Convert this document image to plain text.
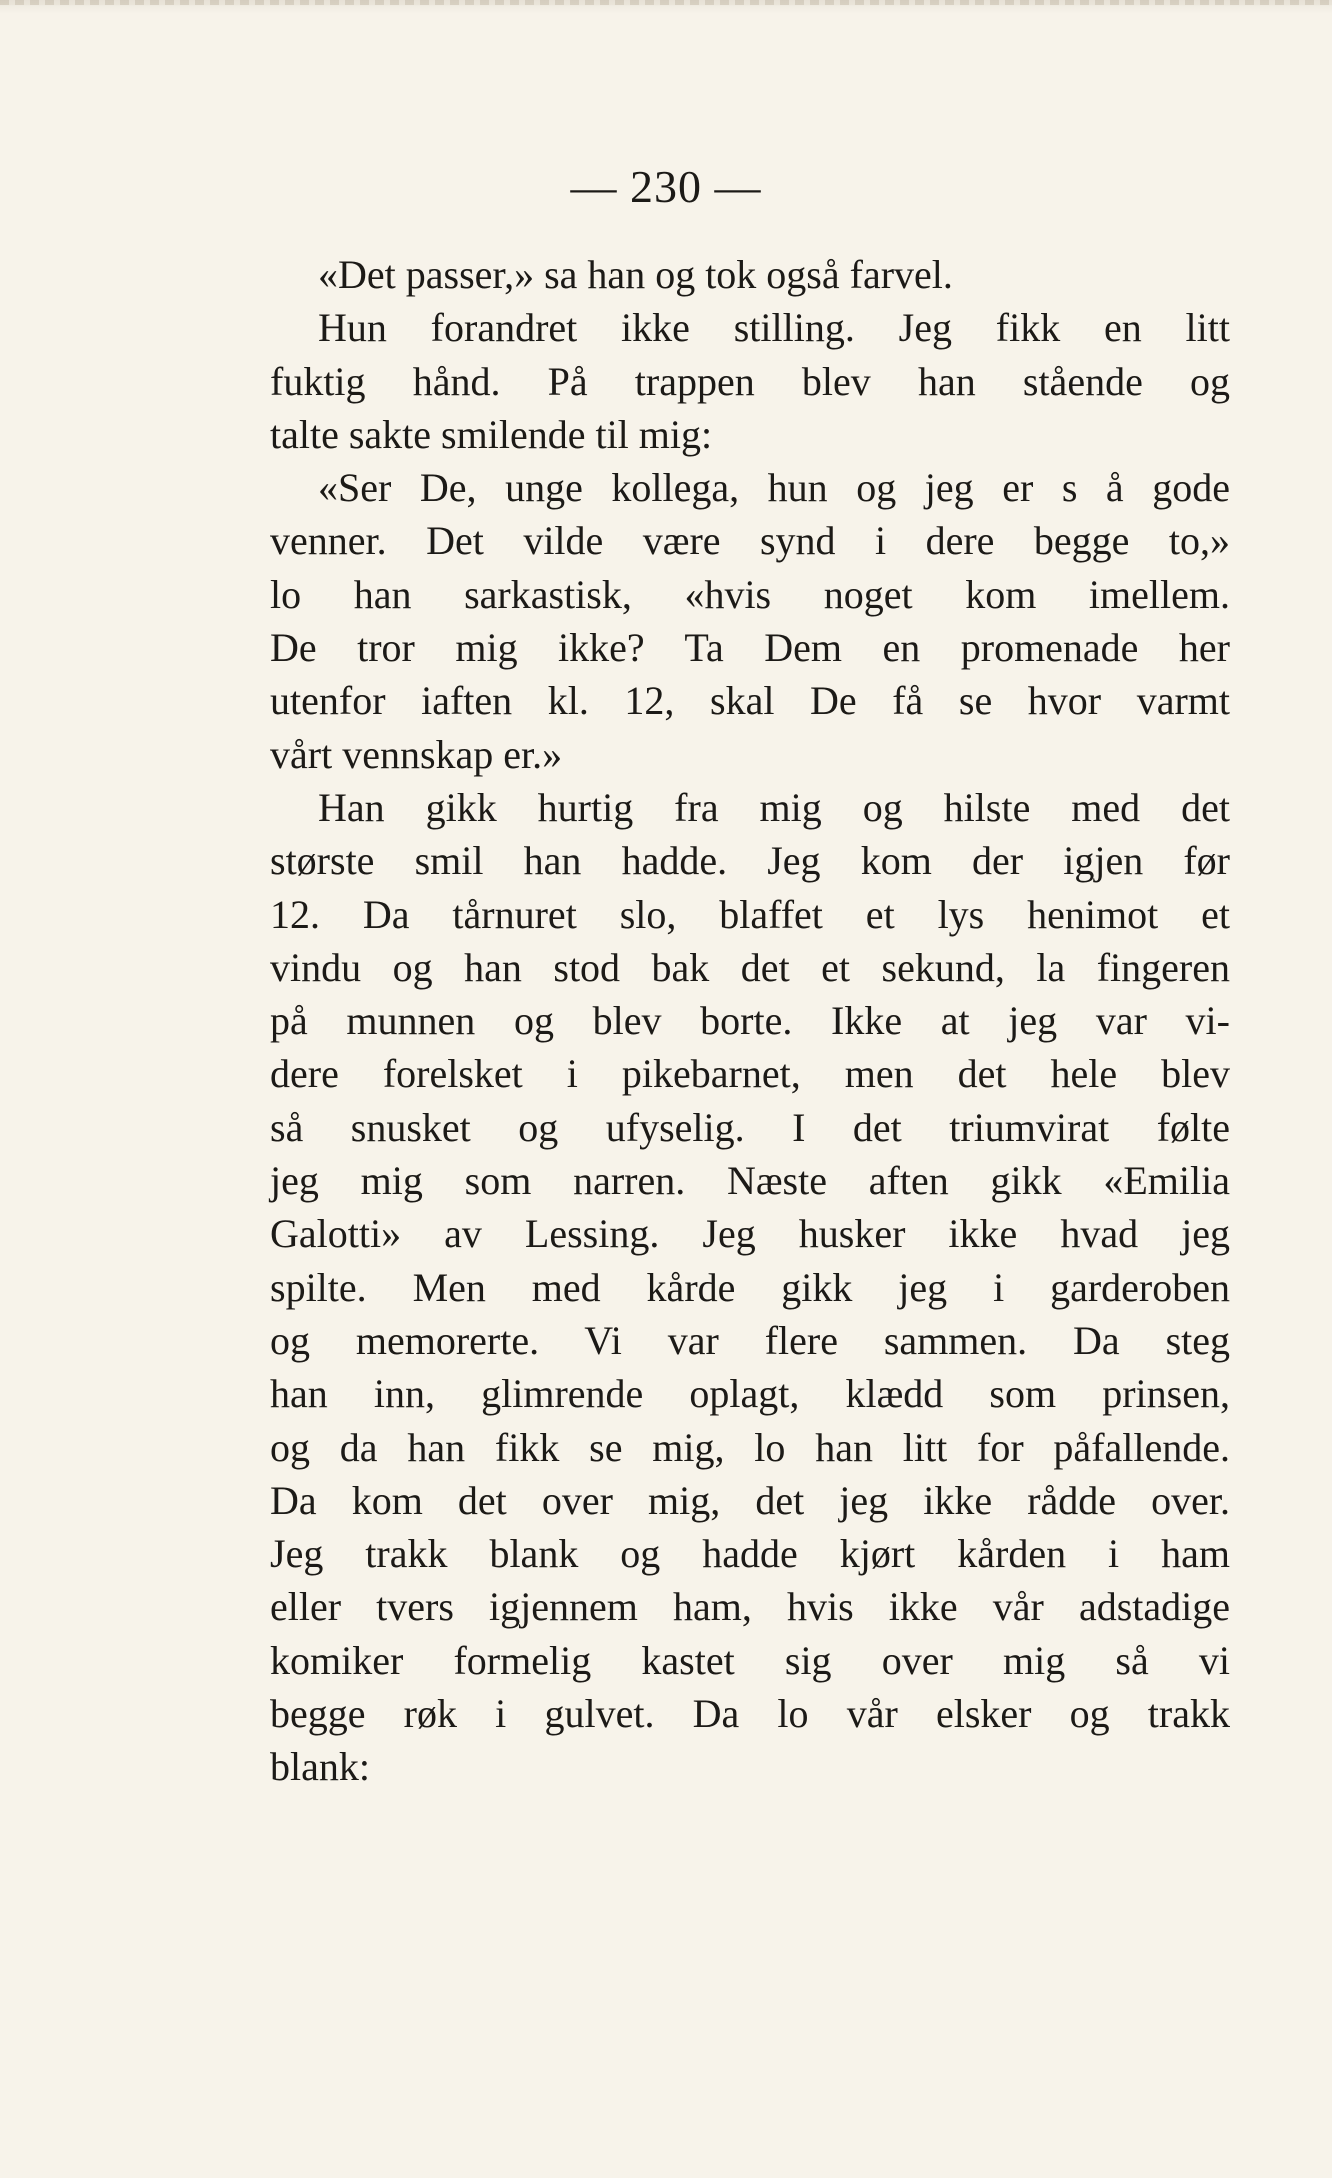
— 230 —
«Det passer,» sa han og tok også farvel.
Hun forandret ikke stilling. Jeg fikk en litt
fuktig hånd. På trappen blev han stående og
talte sakte smilende til mig:
«Ser De, unge kollega, hun og jeg er s å gode
venner. Det vilde være synd i dere begge to,»
lo han sarkastisk, «hvis noget kom imellem.
De tror mig ikke? Ta Dem en promenade her
utenfor iaften kl. 12, skal De få se hvor varmt
vårt vennskap er.»
Han gikk hurtig fra mig og hilste med det
største smil han hadde. Jeg kom der igjen før
12. Da tårnuret slo, blaffet et lys henimot et
vindu og han stod bak det et sekund, la fingeren
på munnen og blev borte. Ikke at jeg var vi-
dere forelsket i pikebarnet, men det hele blev
så snusket og ufyselig. I det triumvirat følte
jeg mig som narren. Næste aften gikk «Emilia
Galotti» av Lessing. Jeg husker ikke hvad jeg
spilte. Men med kårde gikk jeg i garderoben
og memorerte. Vi var flere sammen. Da steg
han inn, glimrende oplagt, klædd som prinsen,
og da han fikk se mig, lo han litt for påfallende.
Da kom det over mig, det jeg ikke rådde over.
Jeg trakk blank og hadde kjørt kården i ham
eller tvers igjennem ham, hvis ikke vår adstadige
komiker formelig kastet sig over mig så vi
begge røk i gulvet. Da lo vår elsker og trakk
blank:
